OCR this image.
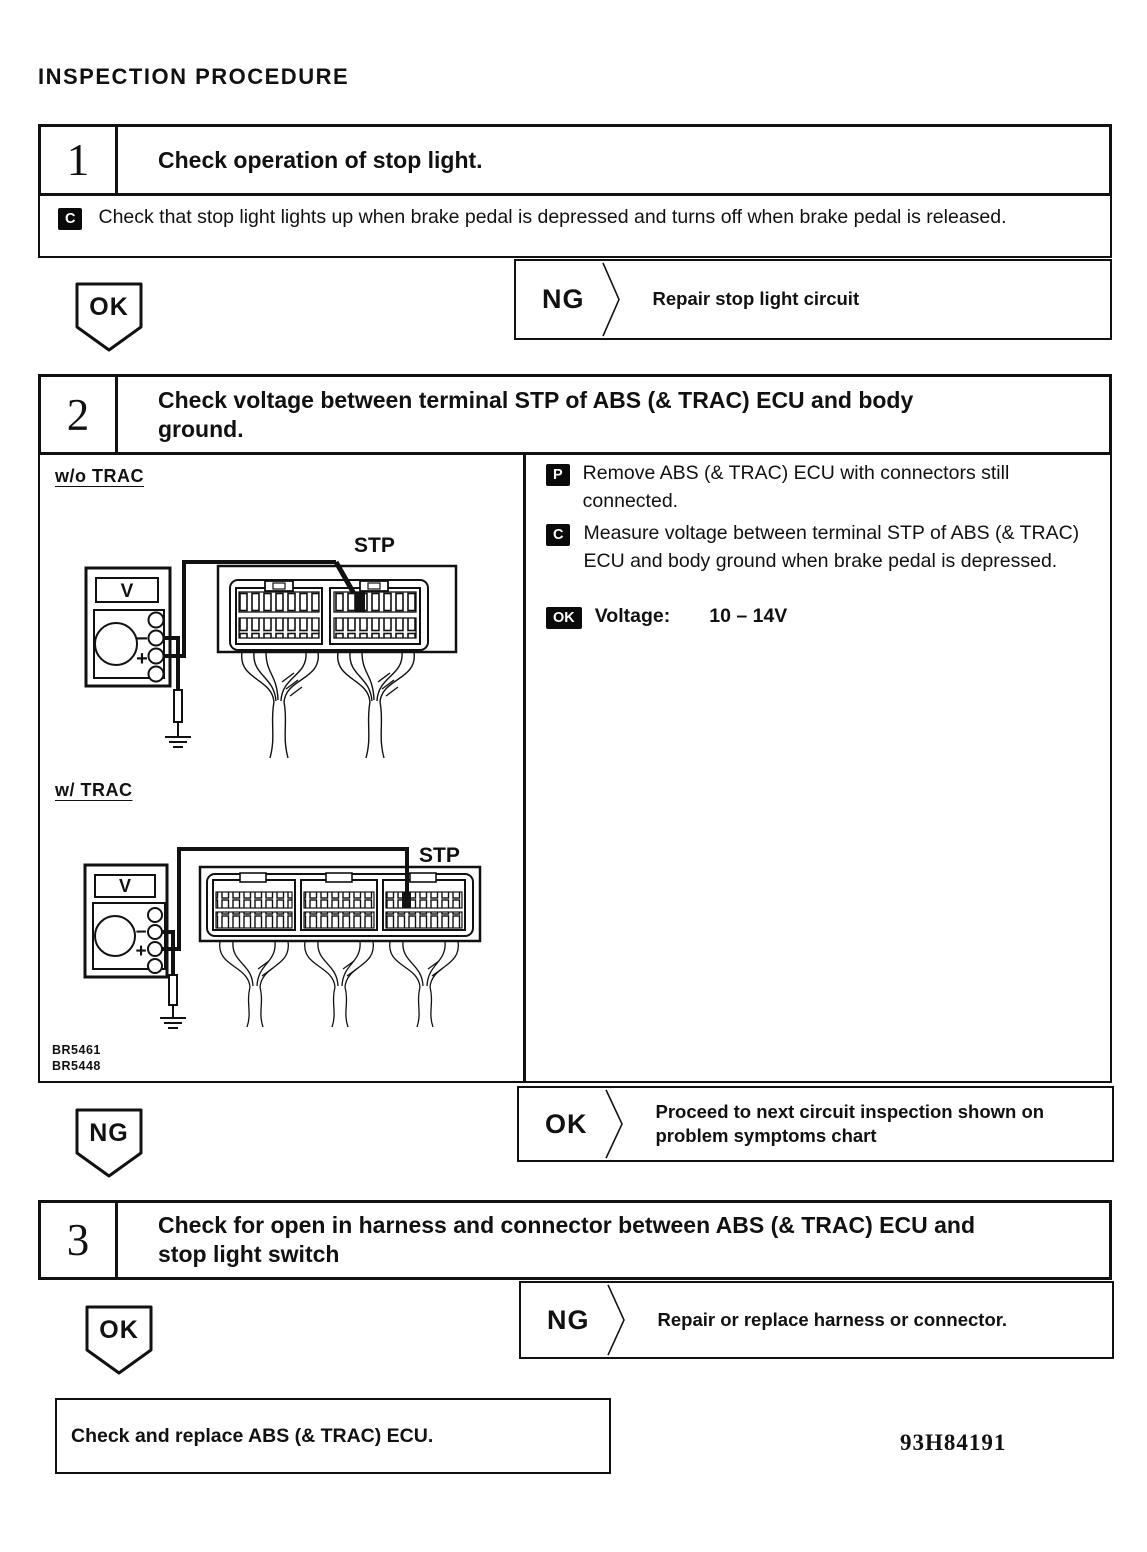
INSPECTION PROCEDURE
1	Check operation of stop light.
C	Check that stop light lights up when brake pedal is depressed and turns off when brake pedal is released.
OK	NG	Repair stop light circuit
2	Check voltage between terminal STP of ABS (& TRAC) ECU and body ground.
w/o TRAC
V
−
+
STP
w/ TRAC
V
−
+
STP
BR5461
BR5448
P	Remove ABS (& TRAC) ECU with connectors still connected.
C	Measure voltage between terminal STP of ABS (& TRAC) ECU and body ground when brake pedal is depressed.
OK	Voltage: 10 – 14V
OK	Proceed to next circuit inspection shown on problem symptoms chart
NG
3	Check for open in harness and connector between ABS (& TRAC) ECU and stop light switch
NG	Repair or replace harness or connector.
OK
Check and replace ABS (& TRAC) ECU.	93H84191
